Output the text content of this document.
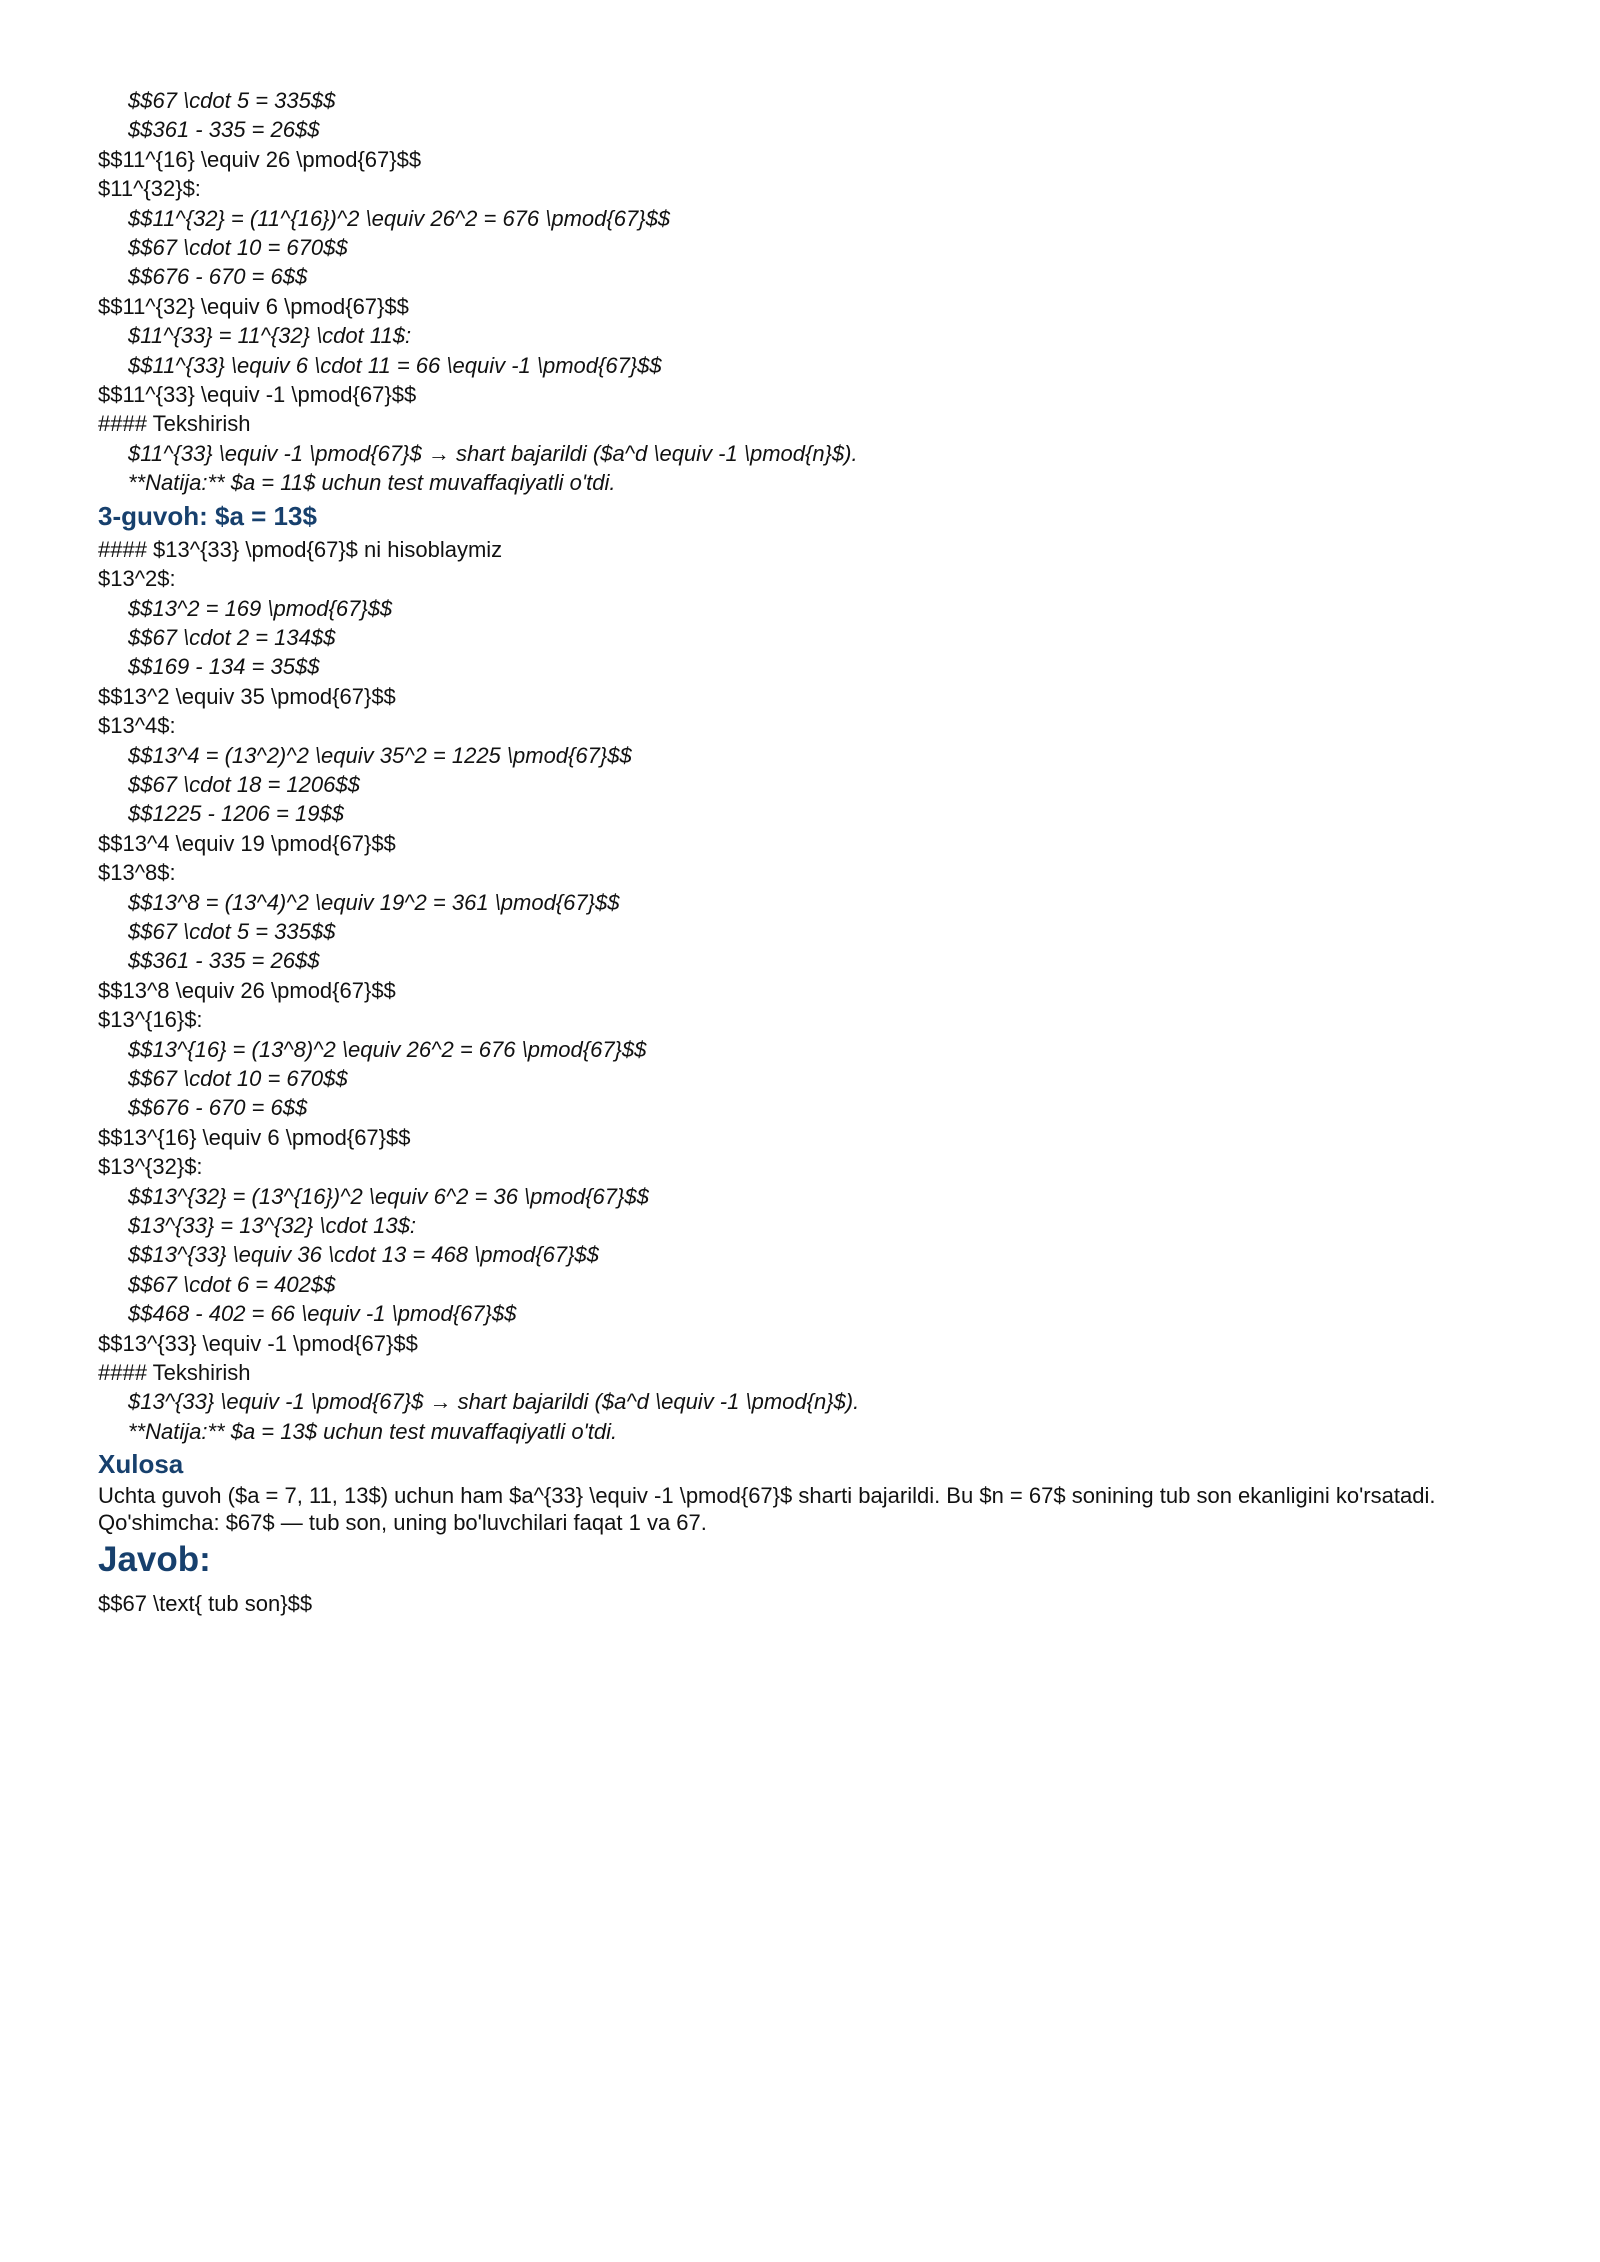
$$67 \cdot 5 = 335$$
$$361 - 335 = 26$$
$$11^{16} \equiv 26 \pmod{67}$$
$11^{32}$:
$$11^{32} = (11^{16})^2 \equiv 26^2 = 676 \pmod{67}$$
$$67 \cdot 10 = 670$$
$$676 - 670 = 6$$
$$11^{32} \equiv 6 \pmod{67}$$
$11^{33} = 11^{32} \cdot 11$:
$$11^{33} \equiv 6 \cdot 11 = 66 \equiv -1 \pmod{67}$$
$$11^{33} \equiv -1 \pmod{67}$$
#### Tekshirish
$11^{33} \equiv -1 \pmod{67}$ → shart bajarildi ($a^d \equiv -1 \pmod{n}$).
**Natija:** $a = 11$ uchun test muvaffaqiyatli o'tdi.
3-guvoh: $a = 13$
#### $13^{33} \pmod{67}$ ni hisoblaymiz
$13^2$:
$$13^2 = 169 \pmod{67}$$
$$67 \cdot 2 = 134$$
$$169 - 134 = 35$$
$$13^2 \equiv 35 \pmod{67}$$
$13^4$:
$$13^4 = (13^2)^2 \equiv 35^2 = 1225 \pmod{67}$$
$$67 \cdot 18 = 1206$$
$$1225 - 1206 = 19$$
$$13^4 \equiv 19 \pmod{67}$$
$13^8$:
$$13^8 = (13^4)^2 \equiv 19^2 = 361 \pmod{67}$$
$$67 \cdot 5 = 335$$
$$361 - 335 = 26$$
$$13^8 \equiv 26 \pmod{67}$$
$13^{16}$:
$$13^{16} = (13^8)^2 \equiv 26^2 = 676 \pmod{67}$$
$$67 \cdot 10 = 670$$
$$676 - 670 = 6$$
$$13^{16} \equiv 6 \pmod{67}$$
$13^{32}$:
$$13^{32} = (13^{16})^2 \equiv 6^2 = 36 \pmod{67}$$
$13^{33} = 13^{32} \cdot 13$:
$$13^{33} \equiv 36 \cdot 13 = 468 \pmod{67}$$
$$67 \cdot 6 = 402$$
$$468 - 402 = 66 \equiv -1 \pmod{67}$$
$$13^{33} \equiv -1 \pmod{67}$$
#### Tekshirish
$13^{33} \equiv -1 \pmod{67}$ → shart bajarildi ($a^d \equiv -1 \pmod{n}$).
**Natija:** $a = 13$ uchun test muvaffaqiyatli o'tdi.
Xulosa
Uchta guvoh ($a = 7, 11, 13$) uchun ham $a^{33} \equiv -1 \pmod{67}$ sharti bajarildi. Bu $n = 67$ sonining tub son ekanligini ko'rsatadi.
Qo'shimcha: $67$ — tub son, uning bo'luvchilari faqat 1 va 67.
Javob:
$$67 \text{ tub son}$$
